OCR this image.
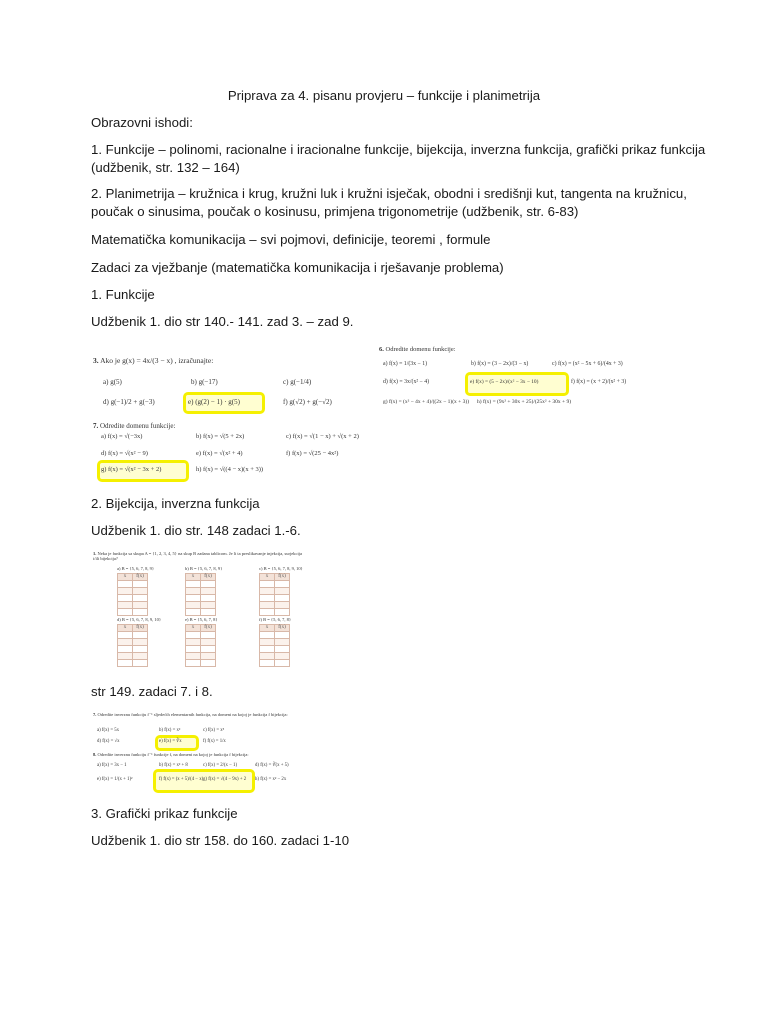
Priprava za 4. pisanu provjeru – funkcije i planimetrija

Obrazovni ishodi:

1. Funkcije – polinomi, racionalne i iracionalne funkcije, bijekcija, inverzna funkcija, grafički prikaz funkcija (udžbenik, str. 132 – 164)

2. Planimetrija – kružnica i krug, kružni luk i kružni isječak, obodni i središnji kut, tangenta na kružnicu, poučak o sinusima, poučak o kosinusu, primjena trigonometrije (udžbenik, str. 6-83)

Matematička komunikacija – svi pojmovi, definicije, teoremi , formule

Zadaci za vježbanje (matematička komunikacija i rješavanje problema)

1. Funkcije

Udžbenik 1. dio str 140.- 141. zad 3. – zad 9.

3. Ako je g(x) = 4x/(3 − x) , izračunajte:
a) g(5)	b) g(−17)	c) g(−1/4)
d) g(−1)/2 + g(−3)	e) (g(2) − 1) · g(5)	f) g(√2) + g(−√2)
6. Odredite domenu funkcije:
a) f(x) = 1/(3x − 1)	b) f(x) = (3 − 2x)/(3 − x)	c) f(x) = (x² − 5x + 6)/(4x + 3)
d) f(x) = 3x/(x² − 4)	e) f(x) = (5 − 2x)/(x² − 3x − 10)	f) f(x) = (x + 2)/(x² + 3)
g) f(x) = (x² − 4x + 4)/((2x − 1)(x + 3)) h) f(x) = (9x² + 30x + 25)/(25x² + 30x + 9)
7. Odredite domenu funkcije:
a) f(x) = √(−3x)	b) f(x) = √(5 + 2x)	c) f(x) = √(1 − x) + √(x + 2)
d) f(x) = √(x² − 9)	e) f(x) = √(x² + 4)	f) f(x) = √(25 − 4x²)
g) f(x) = √(x² − 3x + 2)	h) f(x) = √((4 − x)(x + 3))

2. Bijekcija, inverzna funkcija

Udžbenik 1. dio str. 148 zadaci 1.-6.

1. Neka je funkcija sa skupa A = {1, 2, 3, 4, 5} na skup B zadana tablicom. Je li ta preslikavanje injekcija, surjekcija i/ili bijekcija?
a) B = {5, 6, 7, 8, 9}
x	f(x)

b) B = {5, 6, 7, 8, 9}
x	f(x)

c) B = {5, 6, 7, 8, 9, 10}
x	f(x)

d) B = {5, 6, 7, 8, 9, 10}
x	f(x)

e) B = {5, 6, 7, 8}
x	f(x)

f) B = {5, 6, 7, 8}
x	f(x)

str 149. zadaci 7. i 8.

7. Odredite inverznu funkciju f⁻¹ sljedećih elementarnih funkcija, na domeni na kojoj je funkcija f bijekcija:
a) f(x) = 5x	b) f(x) = x³	c) f(x) = x⁵
d) f(x) = √x	e) f(x) = ∛x	f) f(x) = 1/x
8. Odredite inverznu funkciju f⁻¹ funkcije f, na domeni na kojoj je funkcija f bijekcija:
a) f(x) = 3x − 1	b) f(x) = x³ + 8	c) f(x) = 2/(x − 1)	d) f(x) = ∛(x + 5)
e) f(x) = 1/(x + 1)²	f) f(x) = (x + 5)/(4 − x) g) f(x) = √(4 − 9x) + 2 h) f(x) = x² − 2x

3. Grafički prikaz funkcije

Udžbenik 1. dio str 158. do 160. zadaci 1-10
